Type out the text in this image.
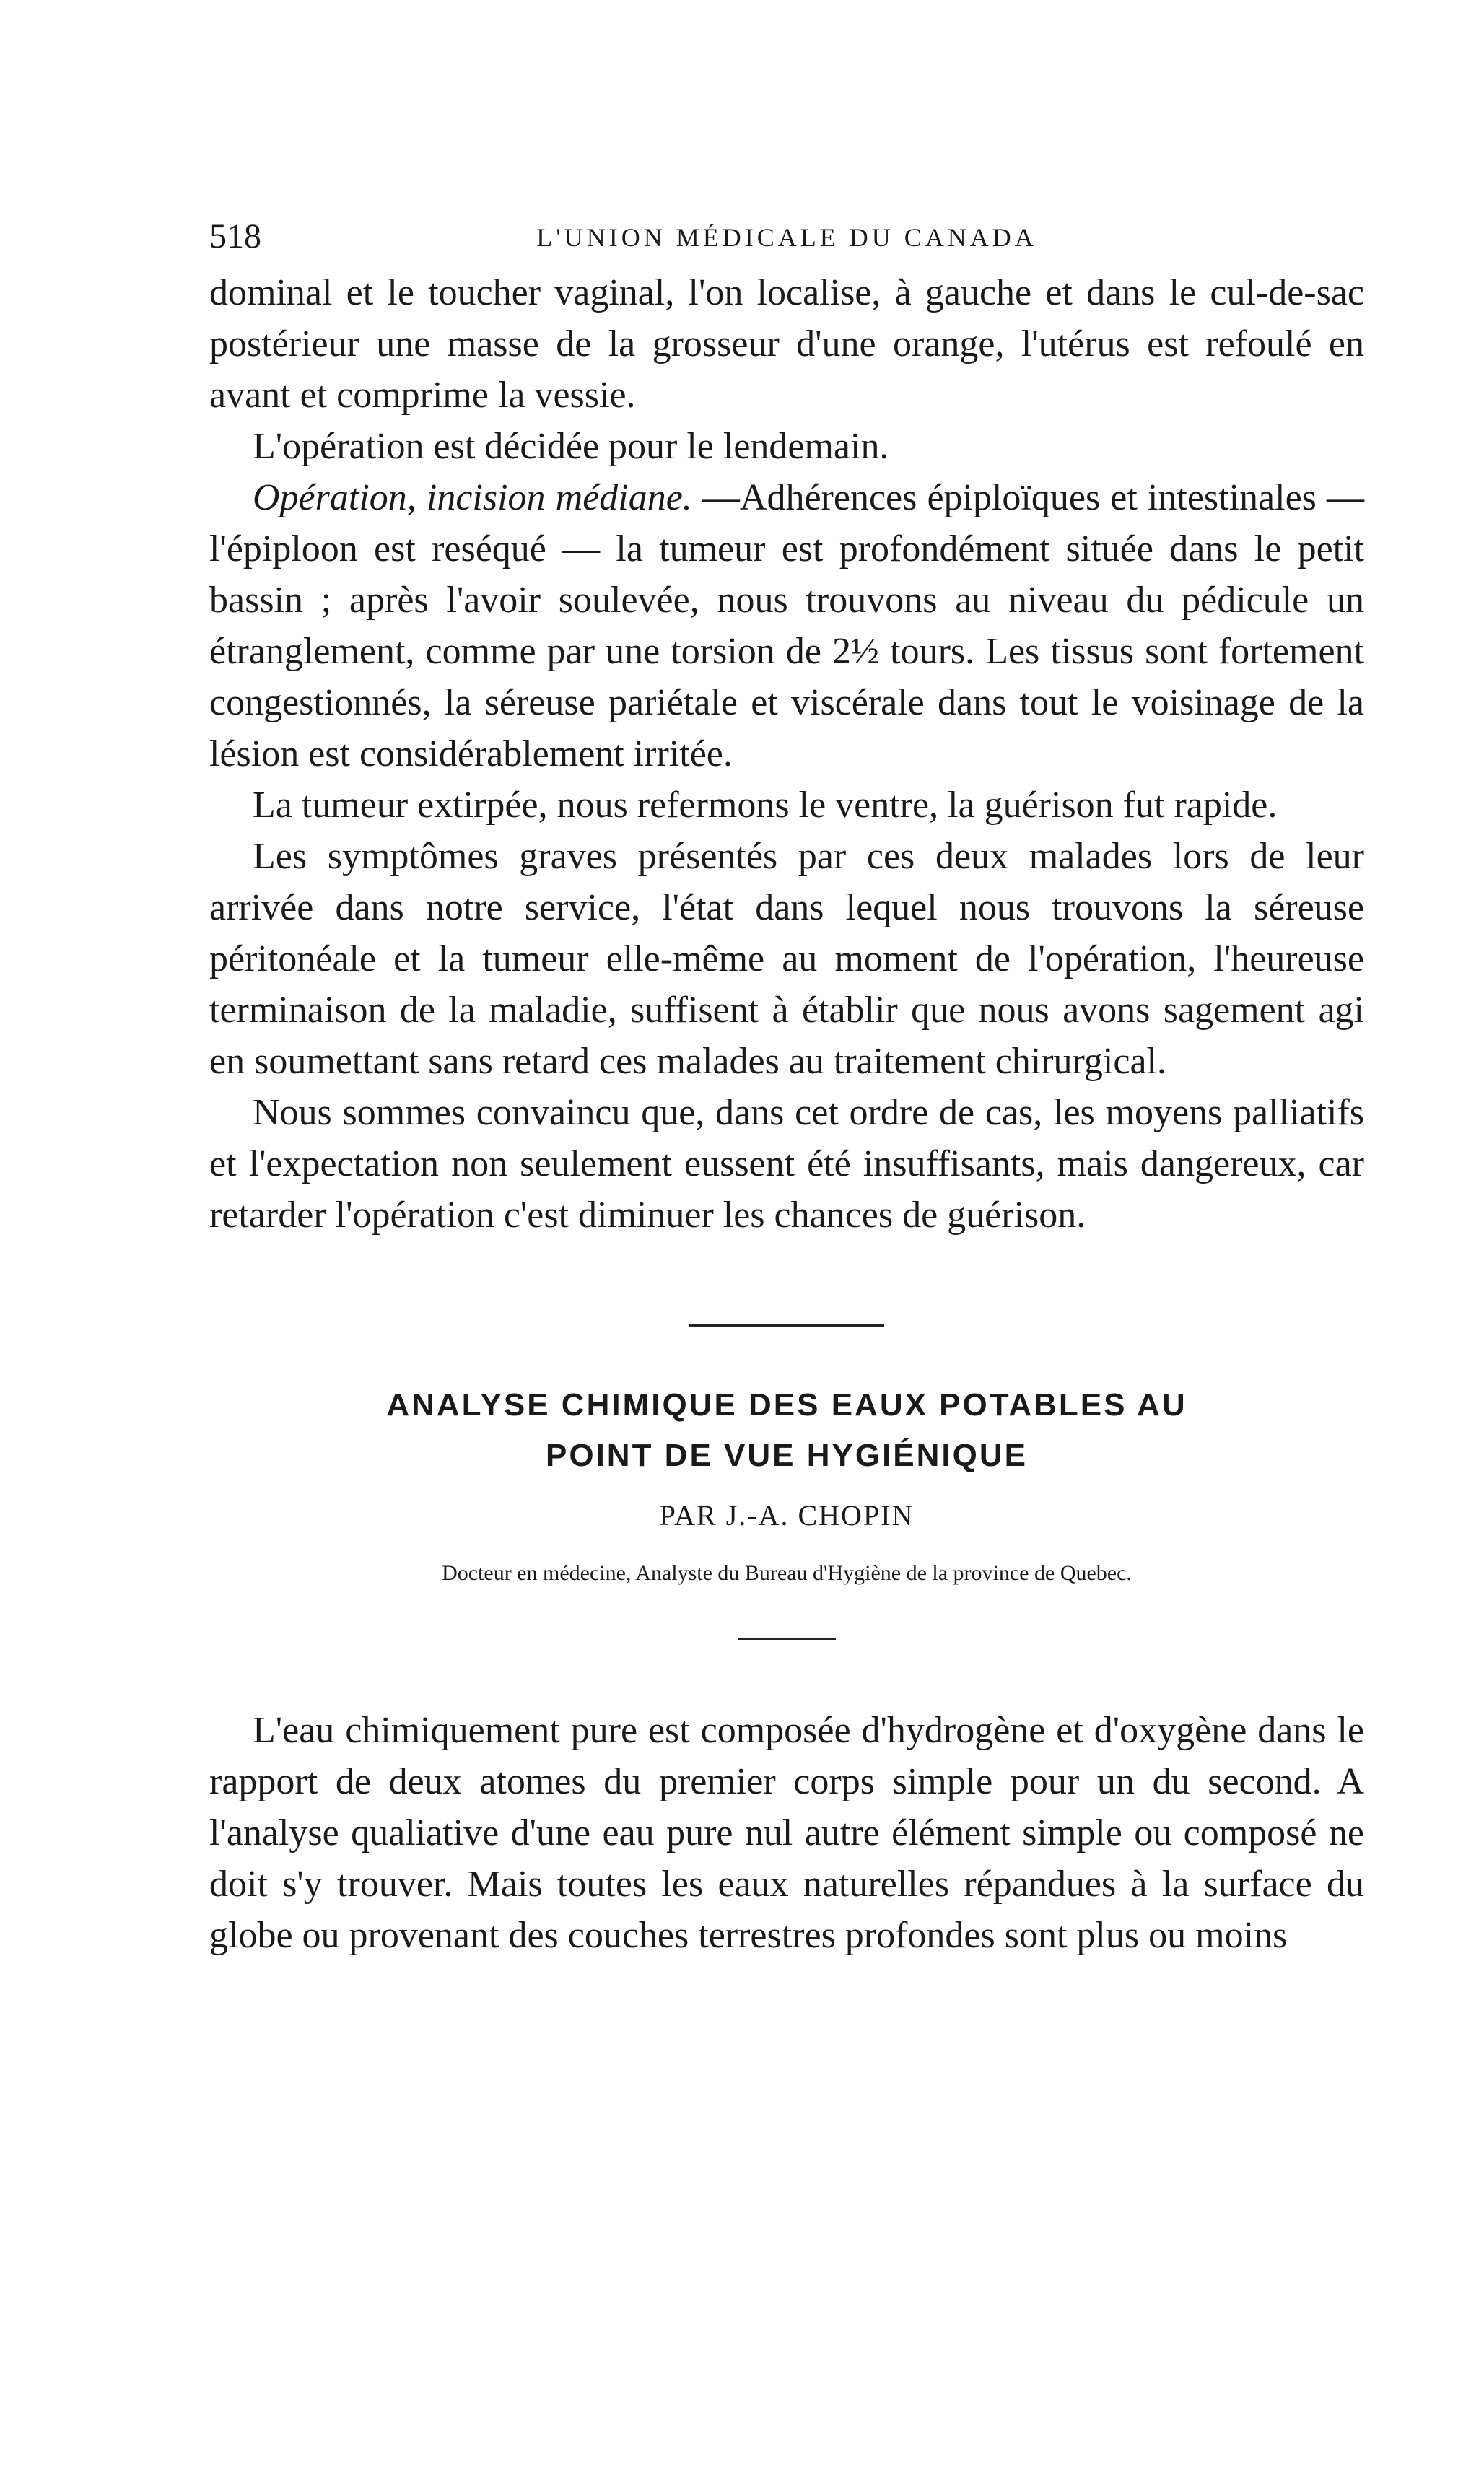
518	L'UNION MÉDICALE DU CANADA

dominal et le toucher vaginal, l'on localise, à gauche et dans le cul-de-sac postérieur une masse de la grosseur d'une orange, l'utérus est refoulé en avant et comprime la vessie.

L'opération est décidée pour le lendemain.

Opération, incision médiane. —Adhérences épiploïques et intestinales — l'épiploon est reséqué — la tumeur est profondément située dans le petit bassin ; après l'avoir soulevée, nous trouvons au niveau du pédicule un étranglement, comme par une torsion de 2½ tours. Les tissus sont fortement congestionnés, la séreuse pariétale et viscérale dans tout le voisinage de la lésion est considérablement irritée.

La tumeur extirpée, nous refermons le ventre, la guérison fut rapide.

Les symptômes graves présentés par ces deux malades lors de leur arrivée dans notre service, l'état dans lequel nous trouvons la séreuse péritonéale et la tumeur elle-même au moment de l'opération, l'heureuse terminaison de la maladie, suffisent à établir que nous avons sagement agi en soumettant sans retard ces malades au traitement chirurgical.

Nous sommes convaincu que, dans cet ordre de cas, les moyens palliatifs et l'expectation non seulement eussent été insuffisants, mais dangereux, car retarder l'opération c'est diminuer les chances de guérison.

ANALYSE CHIMIQUE DES EAUX POTABLES AU
POINT DE VUE HYGIÉNIQUE
PAR J.-A. CHOPIN
Docteur en médecine, Analyste du Bureau d'Hygiène de la province de Quebec.

L'eau chimiquement pure est composée d'hydrogène et d'oxygène dans le rapport de deux atomes du premier corps simple pour un du second. A l'analyse qualiative d'une eau pure nul autre élément simple ou composé ne doit s'y trouver. Mais toutes les eaux naturelles répandues à la surface du globe ou provenant des couches terrestres profondes sont plus ou moins
